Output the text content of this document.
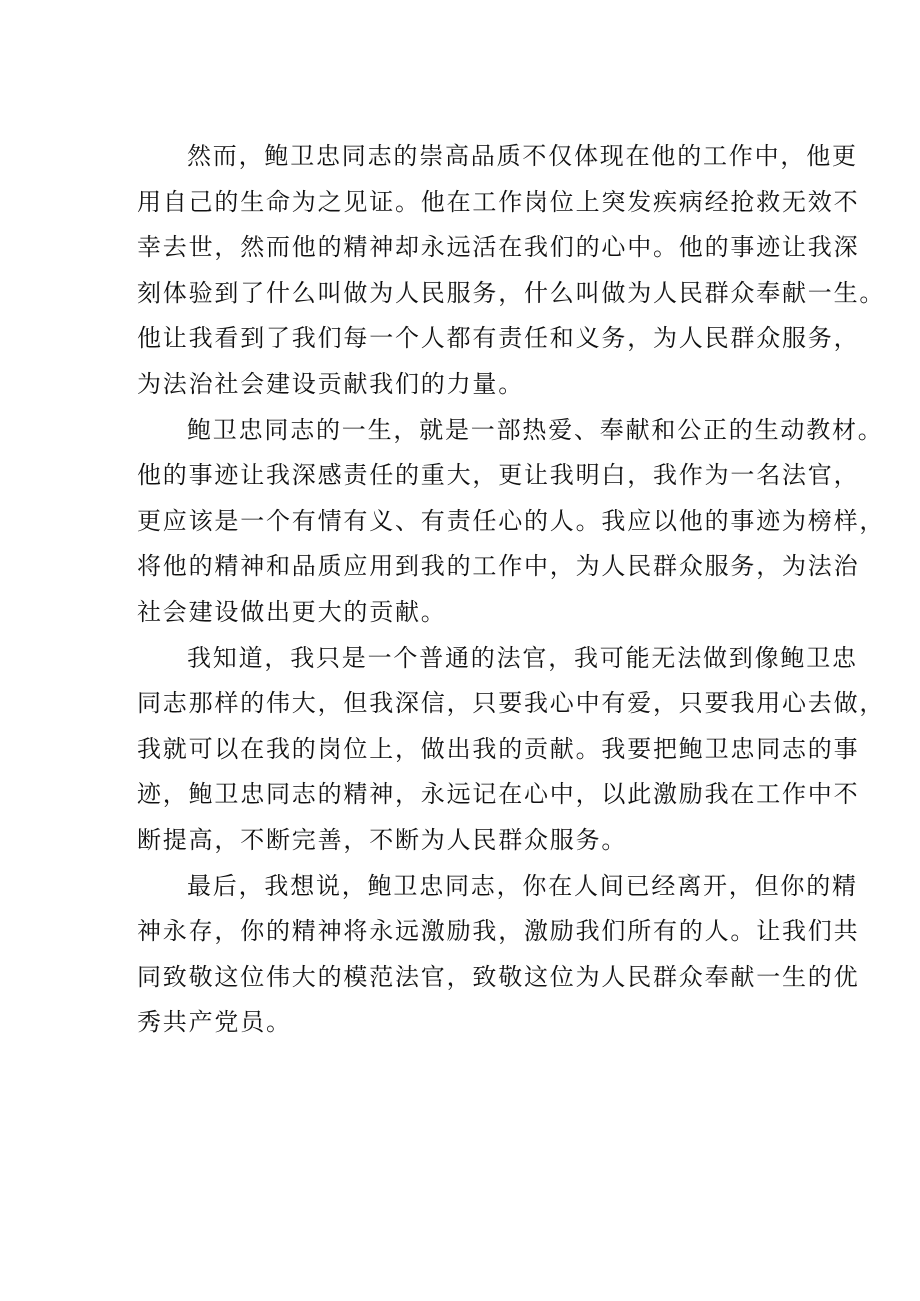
然而，鲍卫忠同志的崇高品质不仅体现在他的工作中，他更
用自己的生命为之见证。他在工作岗位上突发疾病经抢救无效不
幸去世，然而他的精神却永远活在我们的心中。他的事迹让我深
刻体验到了什么叫做为人民服务，什么叫做为人民群众奉献一生。
他让我看到了我们每一个人都有责任和义务，为人民群众服务，
为法治社会建设贡献我们的力量。
鲍卫忠同志的一生，就是一部热爱、奉献和公正的生动教材。
他的事迹让我深感责任的重大，更让我明白，我作为一名法官，
更应该是一个有情有义、有责任心的人。我应以他的事迹为榜样，
将他的精神和品质应用到我的工作中，为人民群众服务，为法治
社会建设做出更大的贡献。
我知道，我只是一个普通的法官，我可能无法做到像鲍卫忠
同志那样的伟大，但我深信，只要我心中有爱，只要我用心去做，
我就可以在我的岗位上，做出我的贡献。我要把鲍卫忠同志的事
迹，鲍卫忠同志的精神，永远记在心中，以此激励我在工作中不
断提高，不断完善，不断为人民群众服务。
最后，我想说，鲍卫忠同志，你在人间已经离开，但你的精
神永存，你的精神将永远激励我，激励我们所有的人。让我们共
同致敬这位伟大的模范法官，致敬这位为人民群众奉献一生的优
秀共产党员。
